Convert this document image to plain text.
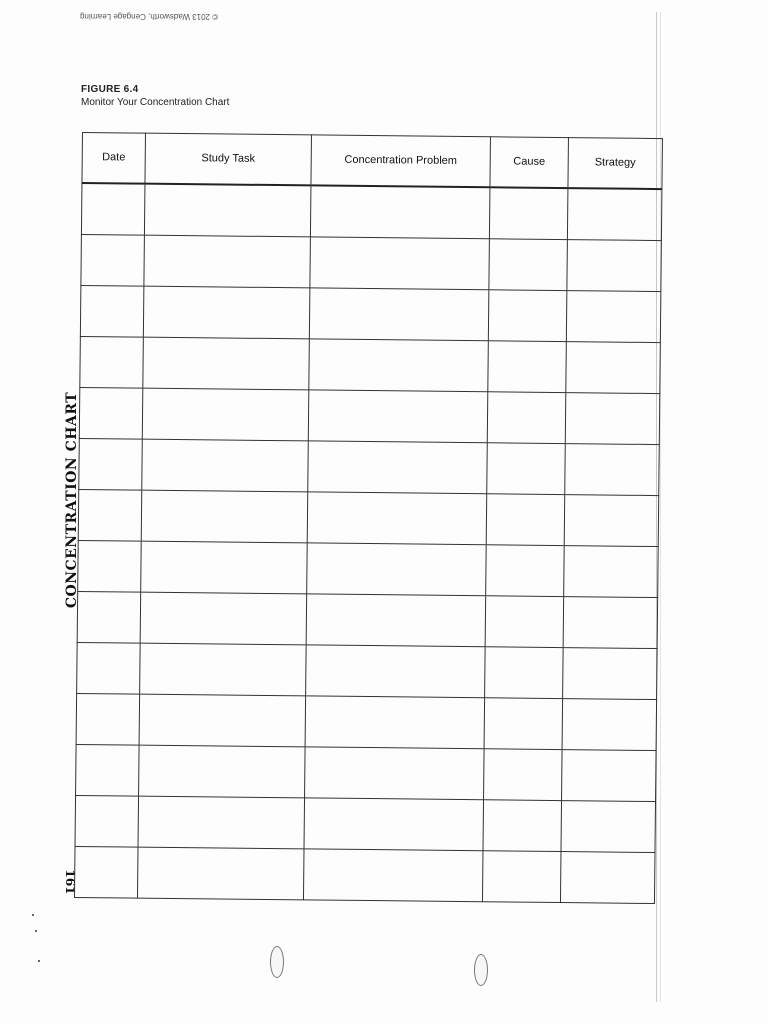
© 2013 Wadsworth, Cengage Learning
FIGURE 6.4
Monitor Your Concentration Chart
CONCENTRATION CHART
161
Date	Study Task	Concentration Problem	Cause	Strategy
